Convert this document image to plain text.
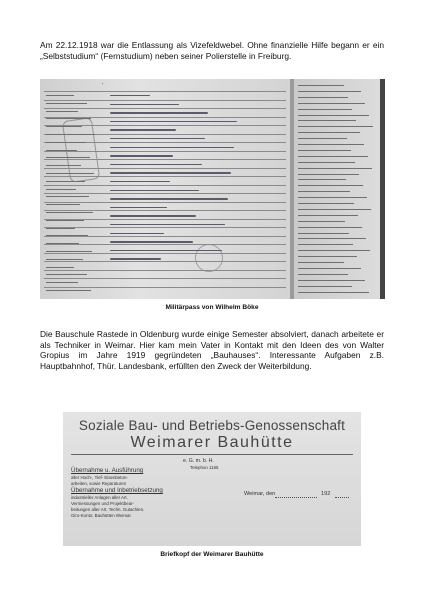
Am 22.12.1918 war die Entlassung als Vizefeldwebel. Ohne finanzielle Hilfe begann er ein „Selbststudium“ (Fernstudium) neben seiner Polierstelle in Freiburg.

Militärpass von Wilhelm Böke

Die Bauschule Rastede in Oldenburg wurde einige Semester absolviert, danach arbeitete er als Techniker in Weimar. Hier kam mein Vater in Kontakt mit den Ideen des von Walter Gropius im Jahre 1919 gegründeten „Bauhauses“. Interessante Aufgaben z.B. Hauptbahnhof, Thür. Landesbank, erfüllten den Zweck der Weiterbildung.

Soziale Bau- und Betriebs-Genossenschaft
Weimarer Bauhütte
e. G. m. b. H.
Telephon 1165
Übernahme u. Ausführung
aller Hoch-, Tief- Eisenbeton-
arbeiten, sowie Reparaturen
Übernahme und Inbetriebsetzung
industrieller Anlagen aller Art.
Vermessungen und Projektbear-
beitungen aller Art. Techn. Gutachten.
Giro-Konto: Bauhütten Weimar
Weimar, den	192
Briefkopf der Weimarer Bauhütte
